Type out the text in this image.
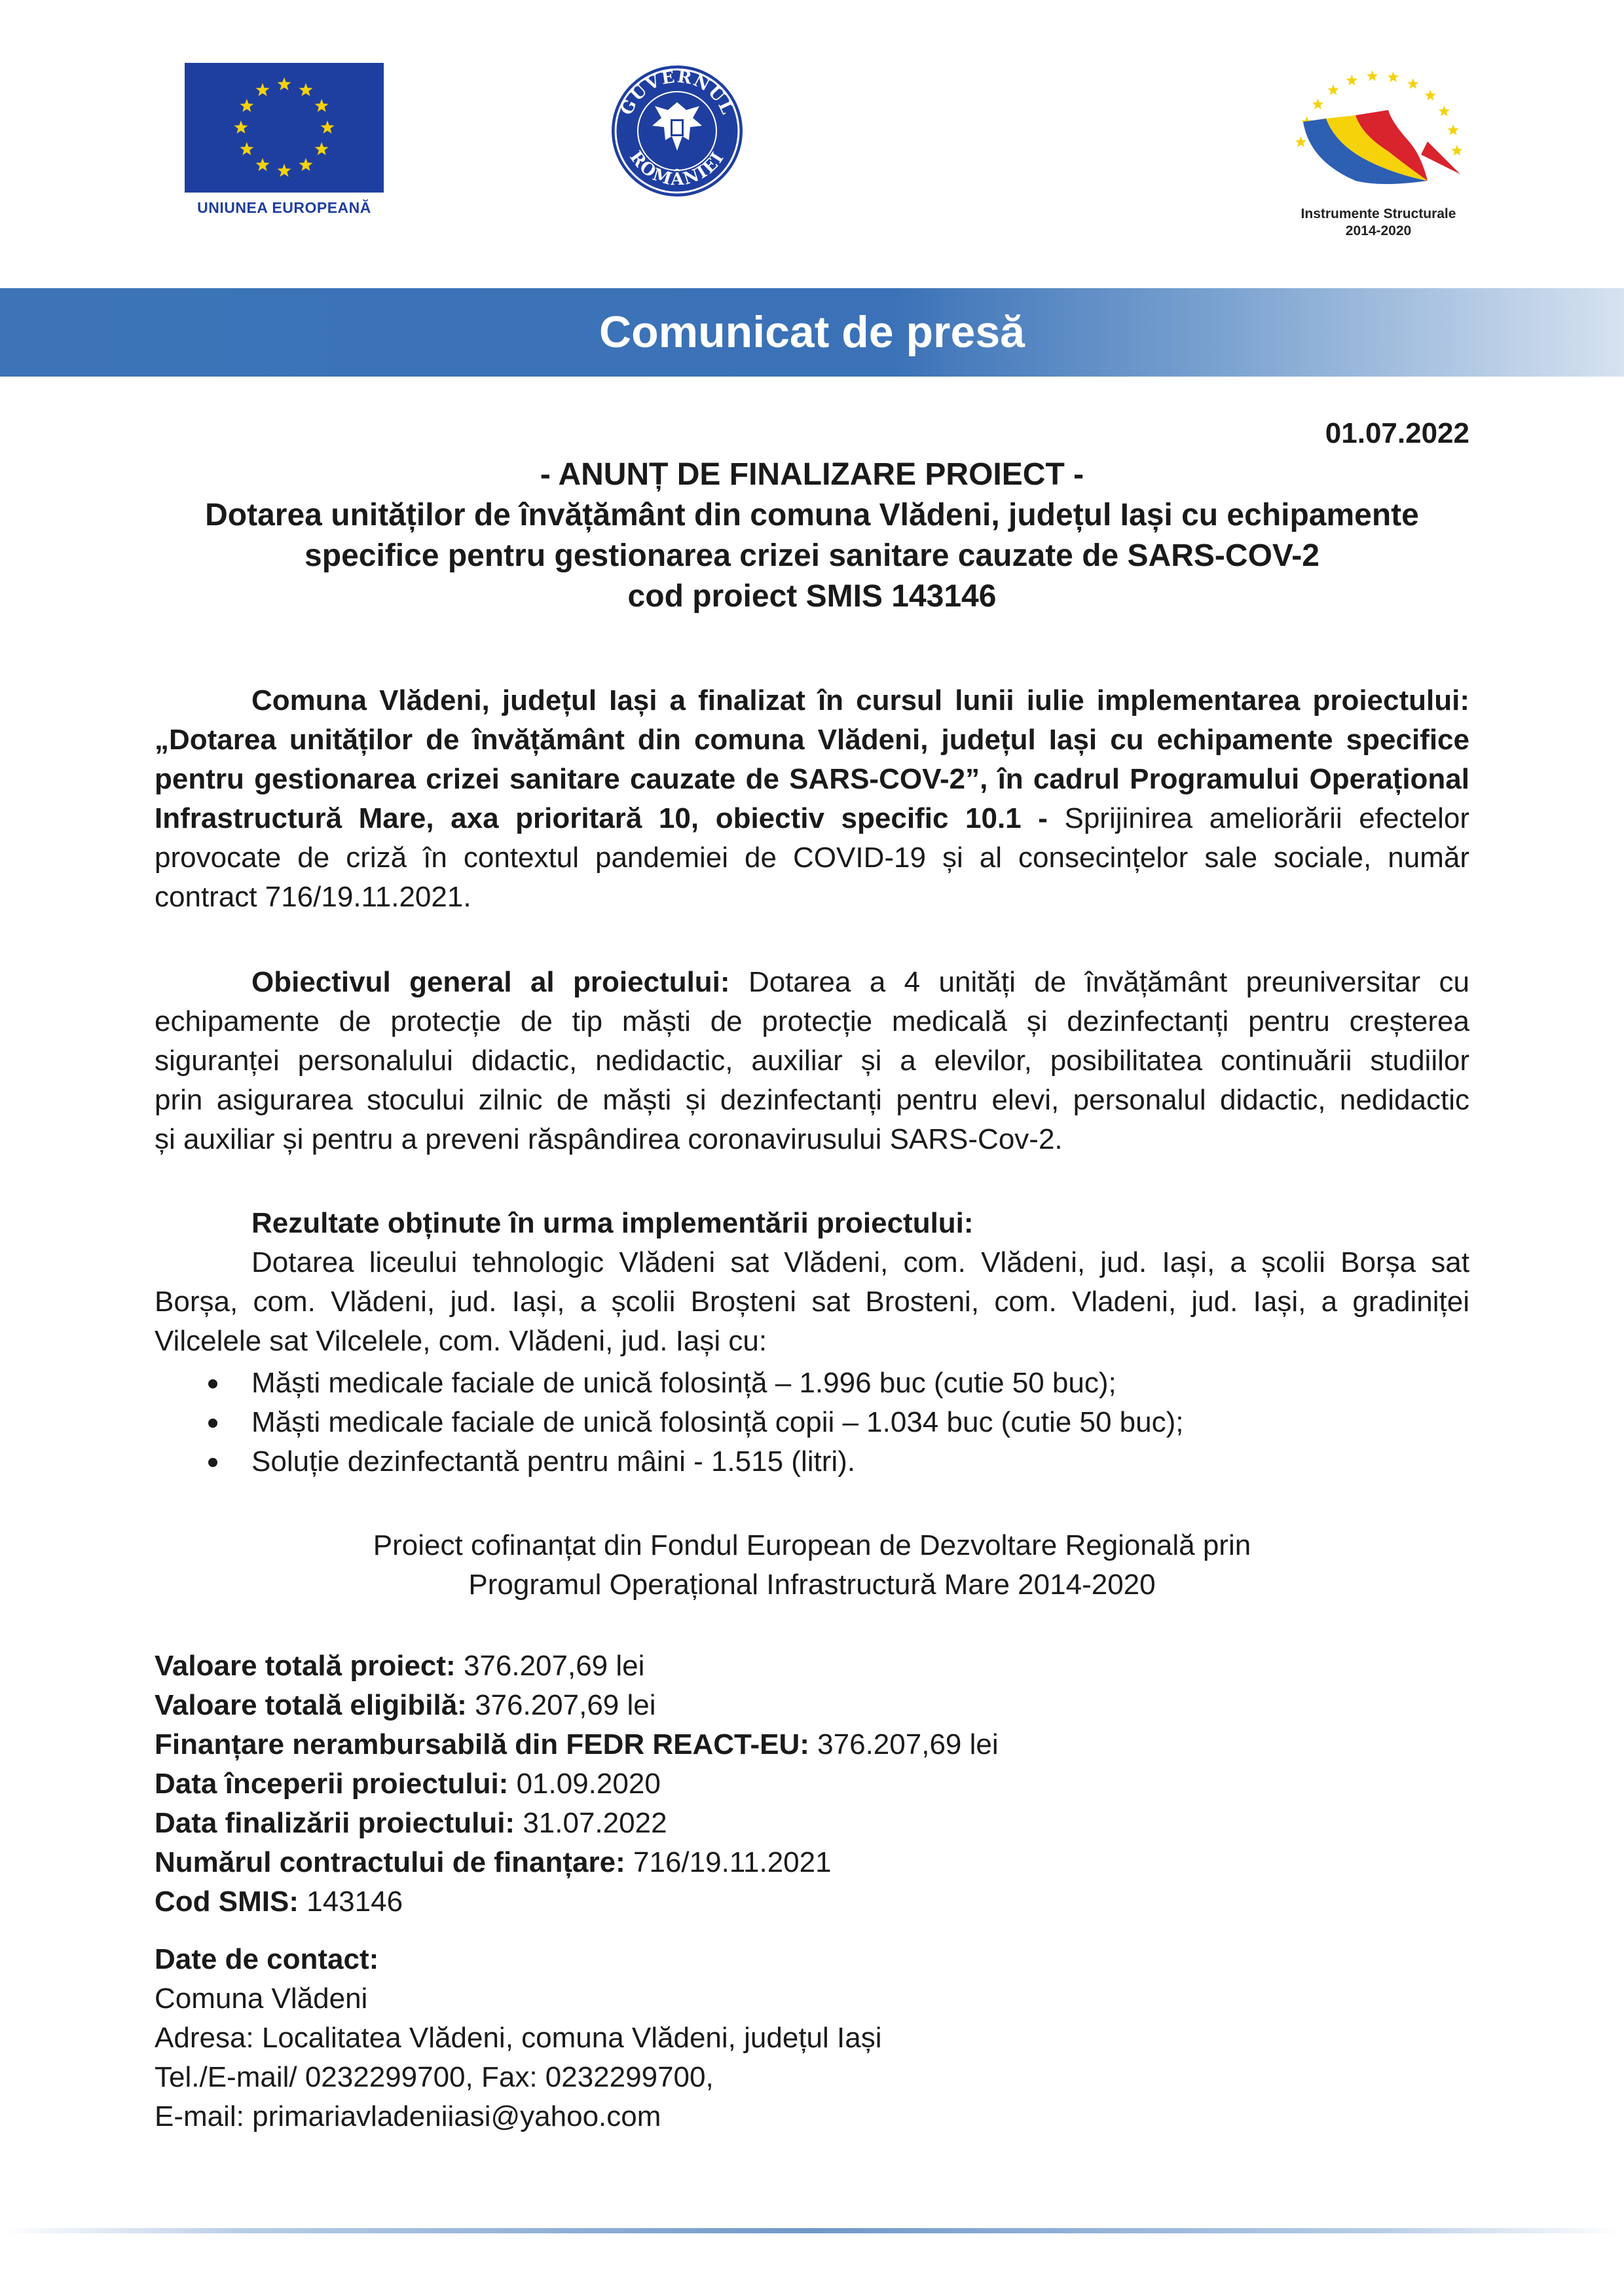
UNIUNEA EUROPEANĂ
GUVERNUL
ROMÂNIEI
Instrumente Structurale
2014-2020
Comunicat de presă
01.07.2022
- ANUNȚ DE FINALIZARE PROIECT -
Dotarea unităților de învățământ din comuna Vlădeni, județul Iași cu echipamente
specifice pentru gestionarea crizei sanitare cauzate de SARS-COV-2
cod proiect SMIS 143146
Comuna Vlădeni, județul Iași a finalizat în cursul lunii iulie implementarea proiectului:
„Dotarea unităților de învățământ din comuna Vlădeni, județul Iași cu echipamente specifice
pentru gestionarea crizei sanitare cauzate de SARS-COV-2”, în cadrul Programului Operațional
Infrastructură Mare, axa prioritară 10, obiectiv specific 10.1 - Sprijinirea ameliorării efectelor
provocate de criză în contextul pandemiei de COVID-19 și al consecințelor sale sociale, număr
contract 716/19.11.2021.
Obiectivul general al proiectului: Dotarea a 4 unități de învățământ preuniversitar cu
echipamente de protecție de tip măști de protecție medicală și dezinfectanți pentru creșterea
siguranței personalului didactic, nedidactic, auxiliar și a elevilor, posibilitatea continuării studiilor
prin asigurarea stocului zilnic de măști și dezinfectanți pentru elevi, personalul didactic, nedidactic
și auxiliar și pentru a preveni răspândirea coronavirusului SARS-Cov-2.
Rezultate obținute în urma implementării proiectului:
Dotarea liceului tehnologic Vlădeni sat Vlădeni, com. Vlădeni, jud. Iași, a școlii Borșa sat
Borșa, com. Vlădeni, jud. Iași, a școlii Broșteni sat Brosteni, com. Vladeni, jud. Iași, a gradiniței
Vilcelele sat Vilcelele, com. Vlădeni, jud. Iași cu:
Măști medicale faciale de unică folosință – 1.996 buc (cutie 50 buc);
Măști medicale faciale de unică folosință copii – 1.034 buc (cutie 50 buc);
Soluție dezinfectantă pentru mâini - 1.515 (litri).
Proiect cofinanțat din Fondul European de Dezvoltare Regională prin
Programul Operațional Infrastructură Mare 2014-2020
Valoare totală proiect: 376.207,69 lei
Valoare totală eligibilă: 376.207,69 lei
Finanțare nerambursabilă din FEDR REACT-EU: 376.207,69 lei
Data începerii proiectului: 01.09.2020
Data finalizării proiectului: 31.07.2022
Numărul contractului de finanțare: 716/19.11.2021
Cod SMIS: 143146
Date de contact:
Comuna Vlădeni
Adresa: Localitatea Vlădeni, comuna Vlădeni, județul Iași
Tel./E-mail/ 0232299700, Fax: 0232299700,
E-mail: primariavladeniiasi@yahoo.com
